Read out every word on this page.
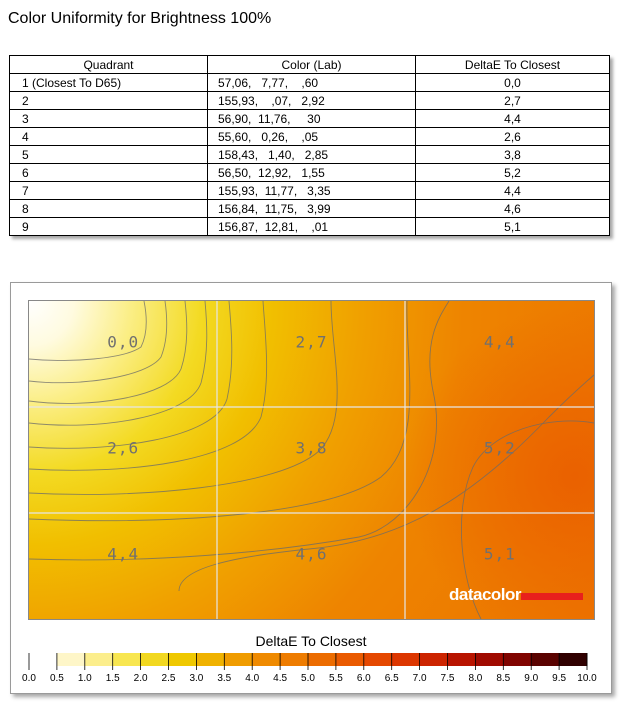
Color Uniformity for Brightness 100%
Quadrant	Color (Lab)	DeltaE To Closest
1 (Closest To D65)	57,06,   7,77,    ,60	0,0
2	155,93,    ,07,   2,92	2,7
3	56,90,  11,76,     30	4,4
4	55,60,   0,26,    ,05	2,6
5	158,43,   1,40,   2,85	3,8
6	56,50,  12,92,   1,55	5,2
7	155,93,  11,77,   3,35	4,4
8	156,84,  11,75,   3,99	4,6
9	156,87,  12,81,    ,01	5,1
0,0	2,7	4,4
2,6	3,8	5,2
4,4	4,6	5,1
datacolor
DeltaE To Closest
0.0 0.5 1.0 1.5 2.0 2.5 3.0 3.5 4.0 4.5 5.0 5.5 6.0 6.5 7.0 7.5 8.0 8.5 9.0 9.5 10.0
